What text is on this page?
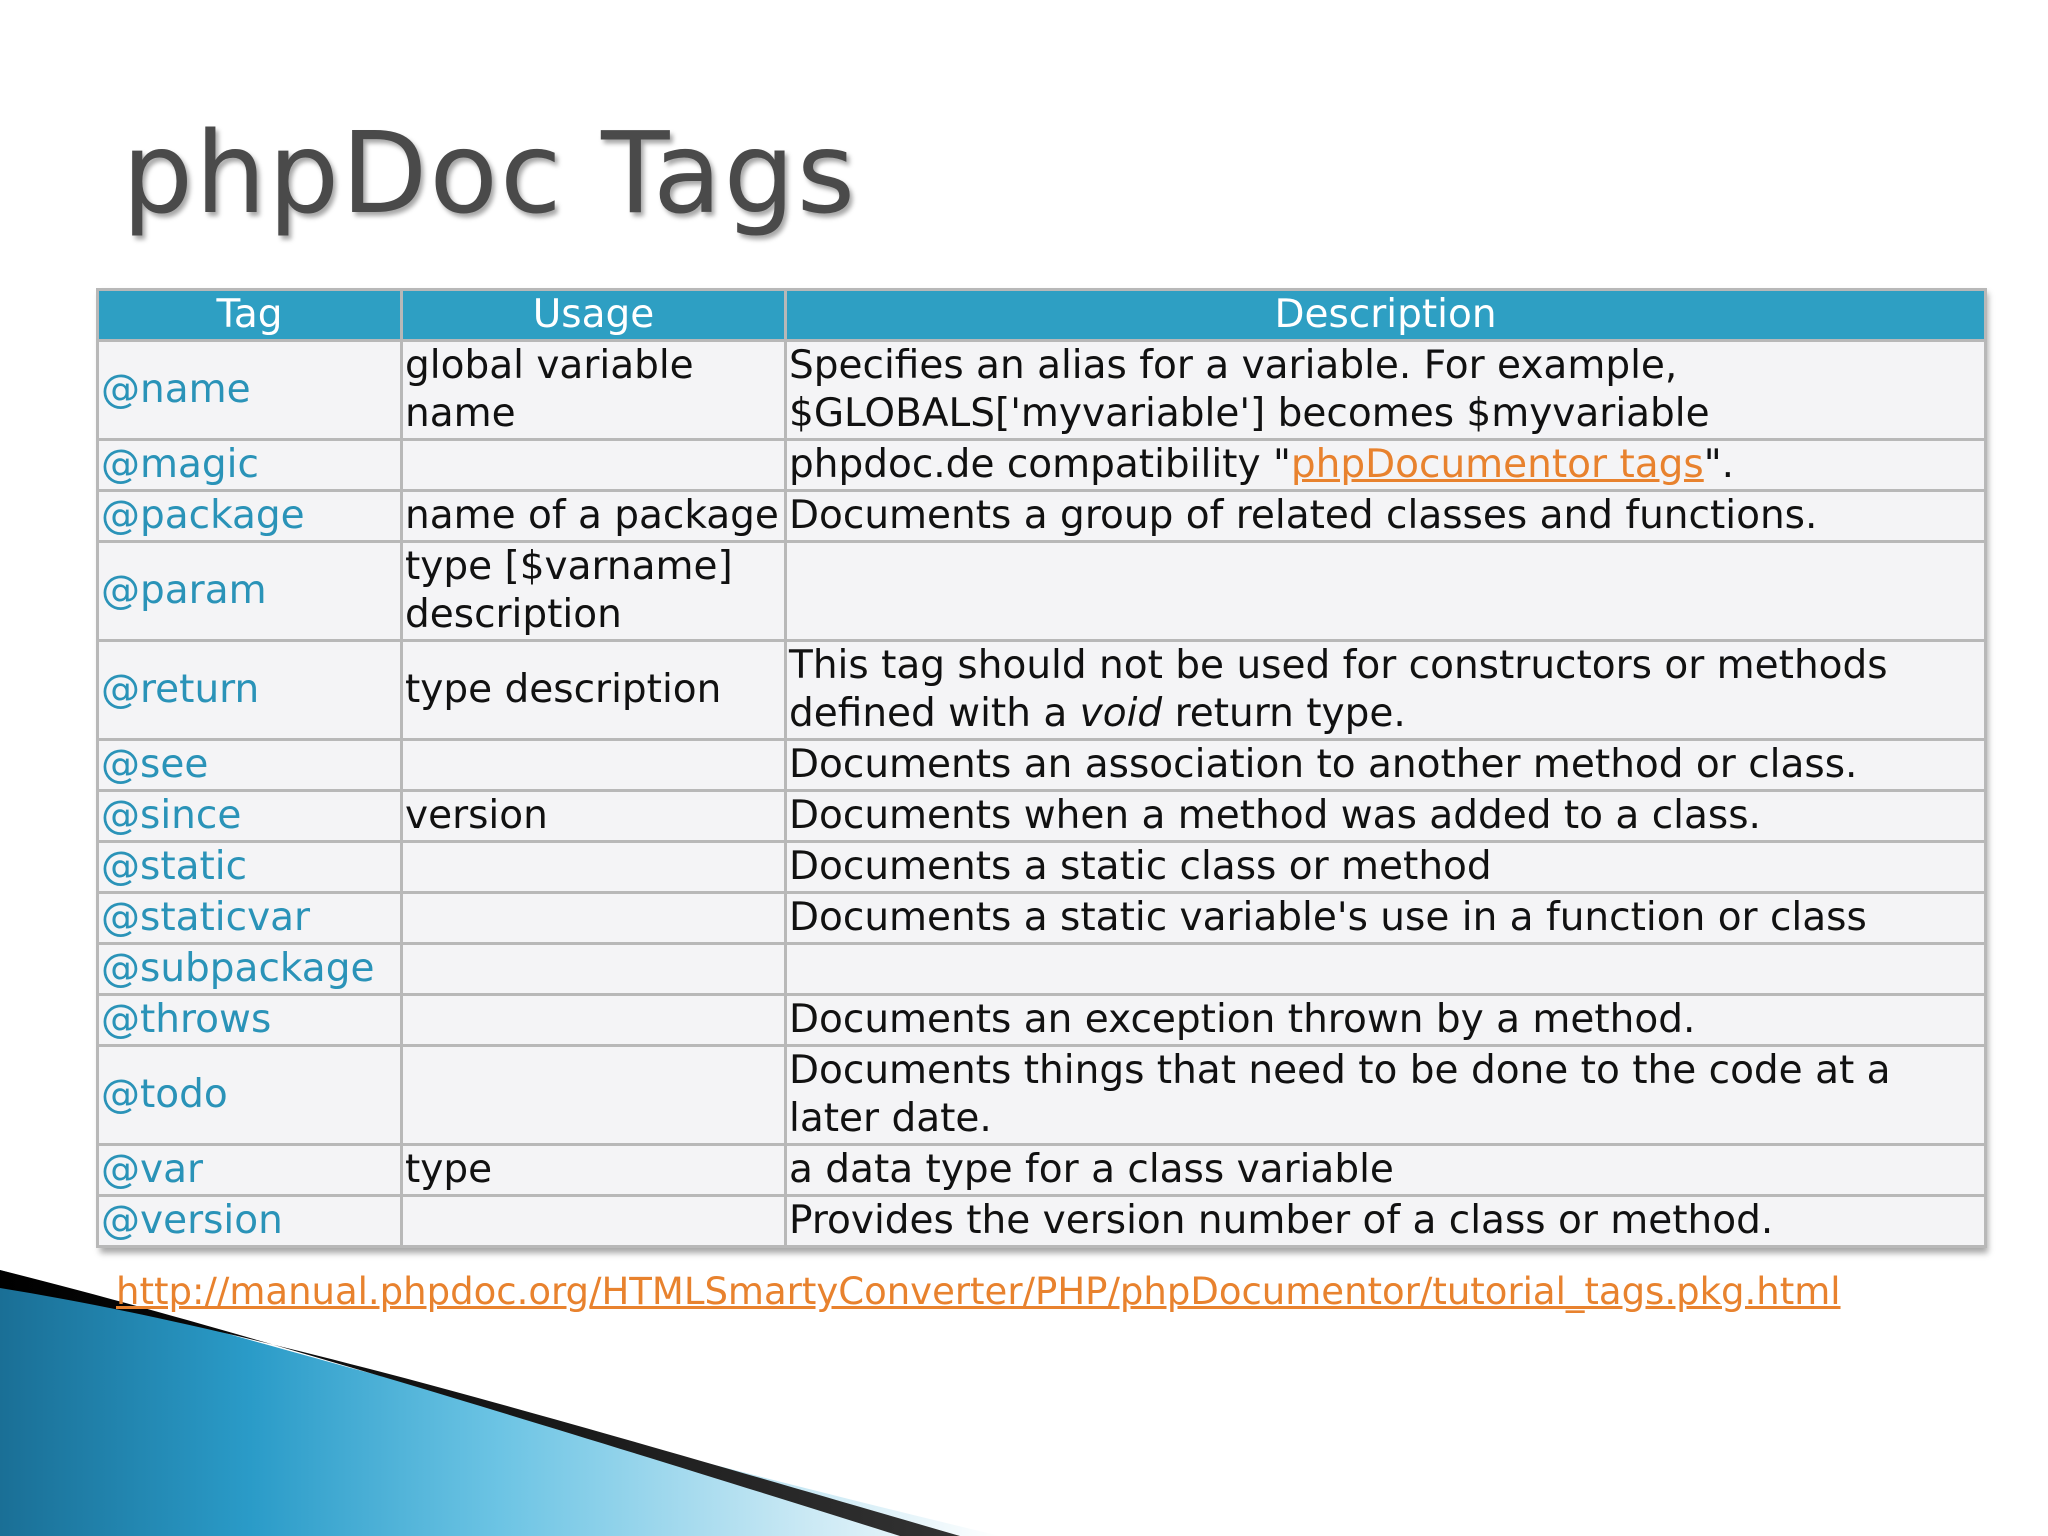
phpDoc Tags
Tag	Usage	Description
@name	global variable name	Specifies an alias for a variable. For example, $GLOBALS['myvariable'] becomes $myvariable
@magic		phpdoc.de compatibility "phpDocumentor tags".
@package	name of a package	Documents a group of related classes and functions.
@param	type [$varname] description	
@return	type description	This tag should not be used for constructors or methods defined with a void return type.
@see		Documents an association to another method or class.
@since	version	Documents when a method was added to a class.
@static		Documents a static class or method
@staticvar		Documents a static variable's use in a function or class
@subpackage		
@throws		Documents an exception thrown by a method.
@todo		Documents things that need to be done to the code at a later date.
@var	type	a data type for a class variable
@version		Provides the version number of a class or method.
http://manual.phpdoc.org/HTMLSmartyConverter/PHP/phpDocumentor/tutorial_tags.pkg.html
